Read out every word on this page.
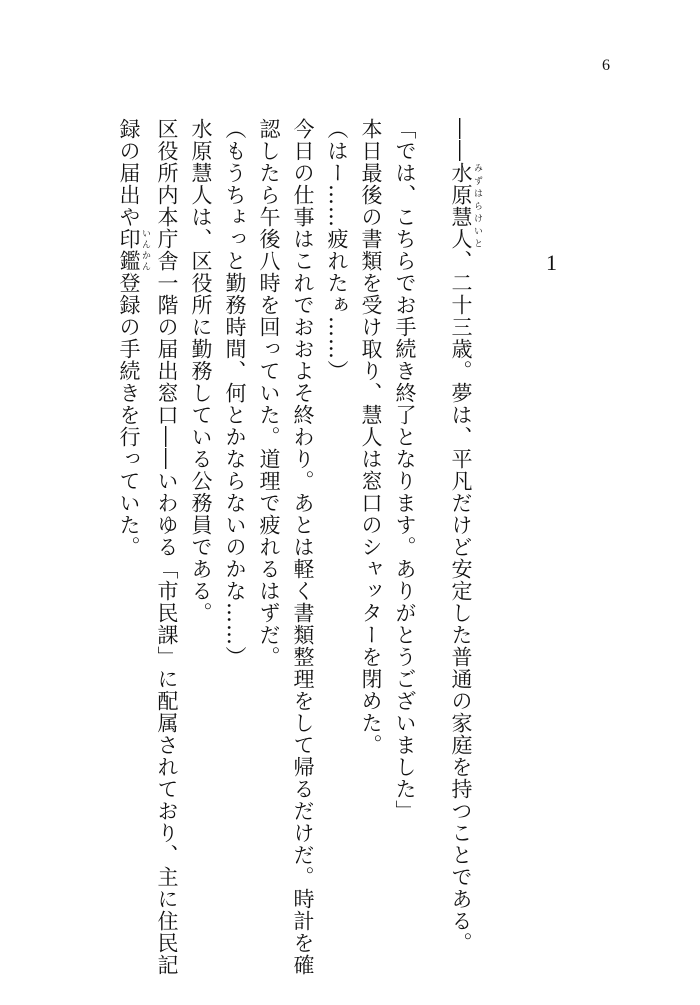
6
1
――水原慧人 みずはらけいと、二十三歳。夢は、平凡だけど安定した普通の家庭を持つことである。
「では、こちらでお手続き終了となります。ありがとうございました」
本日最後の書類を受け取り、慧人は窓口のシャッターを閉めた。
（はー……疲れたぁ……）
今日の仕事はこれでおおよそ終わり。あとは軽く書類整理をして帰るだけだ。時計を確
認したら午後八時を回っていた。道理で疲れるはずだ。
（もうちょっと勤務時間、何とかならないのかな……）
水原慧人は、区役所に勤務している公務員である。
区役所内本庁舎一階の届出窓口――いわゆる「市民課」に配属されており、主に住民記
録の届出や印鑑 いんかん登録の手続きを行っていた。
